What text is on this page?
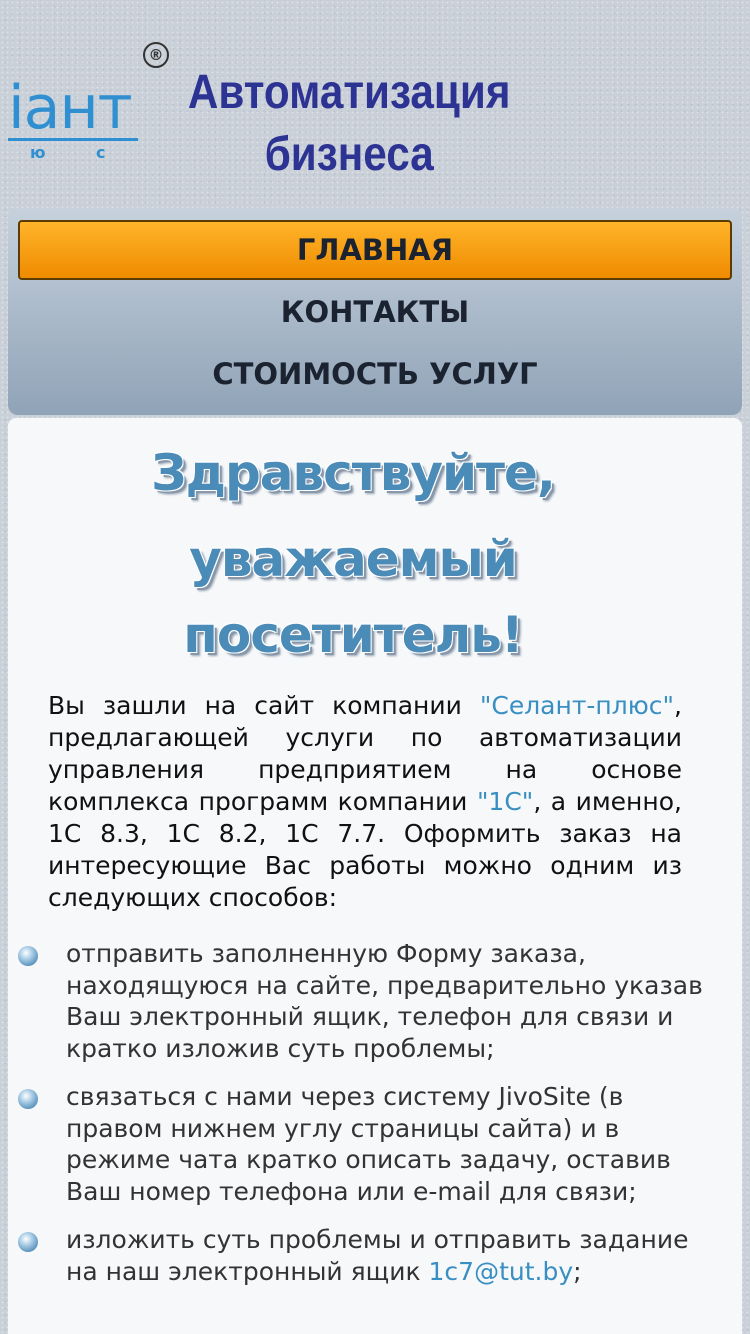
іант
ю	с
®
Автоматизация бизнеса
ГЛАВНАЯ
КОНТАКТЫ
СТОИМОСТЬ УСЛУГ
Здравствуйте,
уважаемый
посетитель!

Вы зашли на сайт компании "Селант-плюс", предлагающей услуги по автоматизации управления предприятием на основе комплекса программ компании "1С", а именно, 1С 8.3, 1С 8.2, 1С 7.7. Оформить заказ на интересующие Вас работы можно одним из следующих способов:

отправить заполненную Форму заказа, находящуюся на сайте, предварительно указав Ваш электронный ящик, телефон для связи и кратко изложив суть проблемы;
связаться с нами через систему JivoSite (в правом нижнем углу страницы сайта) и в режиме чата кратко описать задачу, оставив Ваш номер телефона или e-mail для связи;
изложить суть проблемы и отправить задание на наш электронный ящик 1c7@tut.by;
